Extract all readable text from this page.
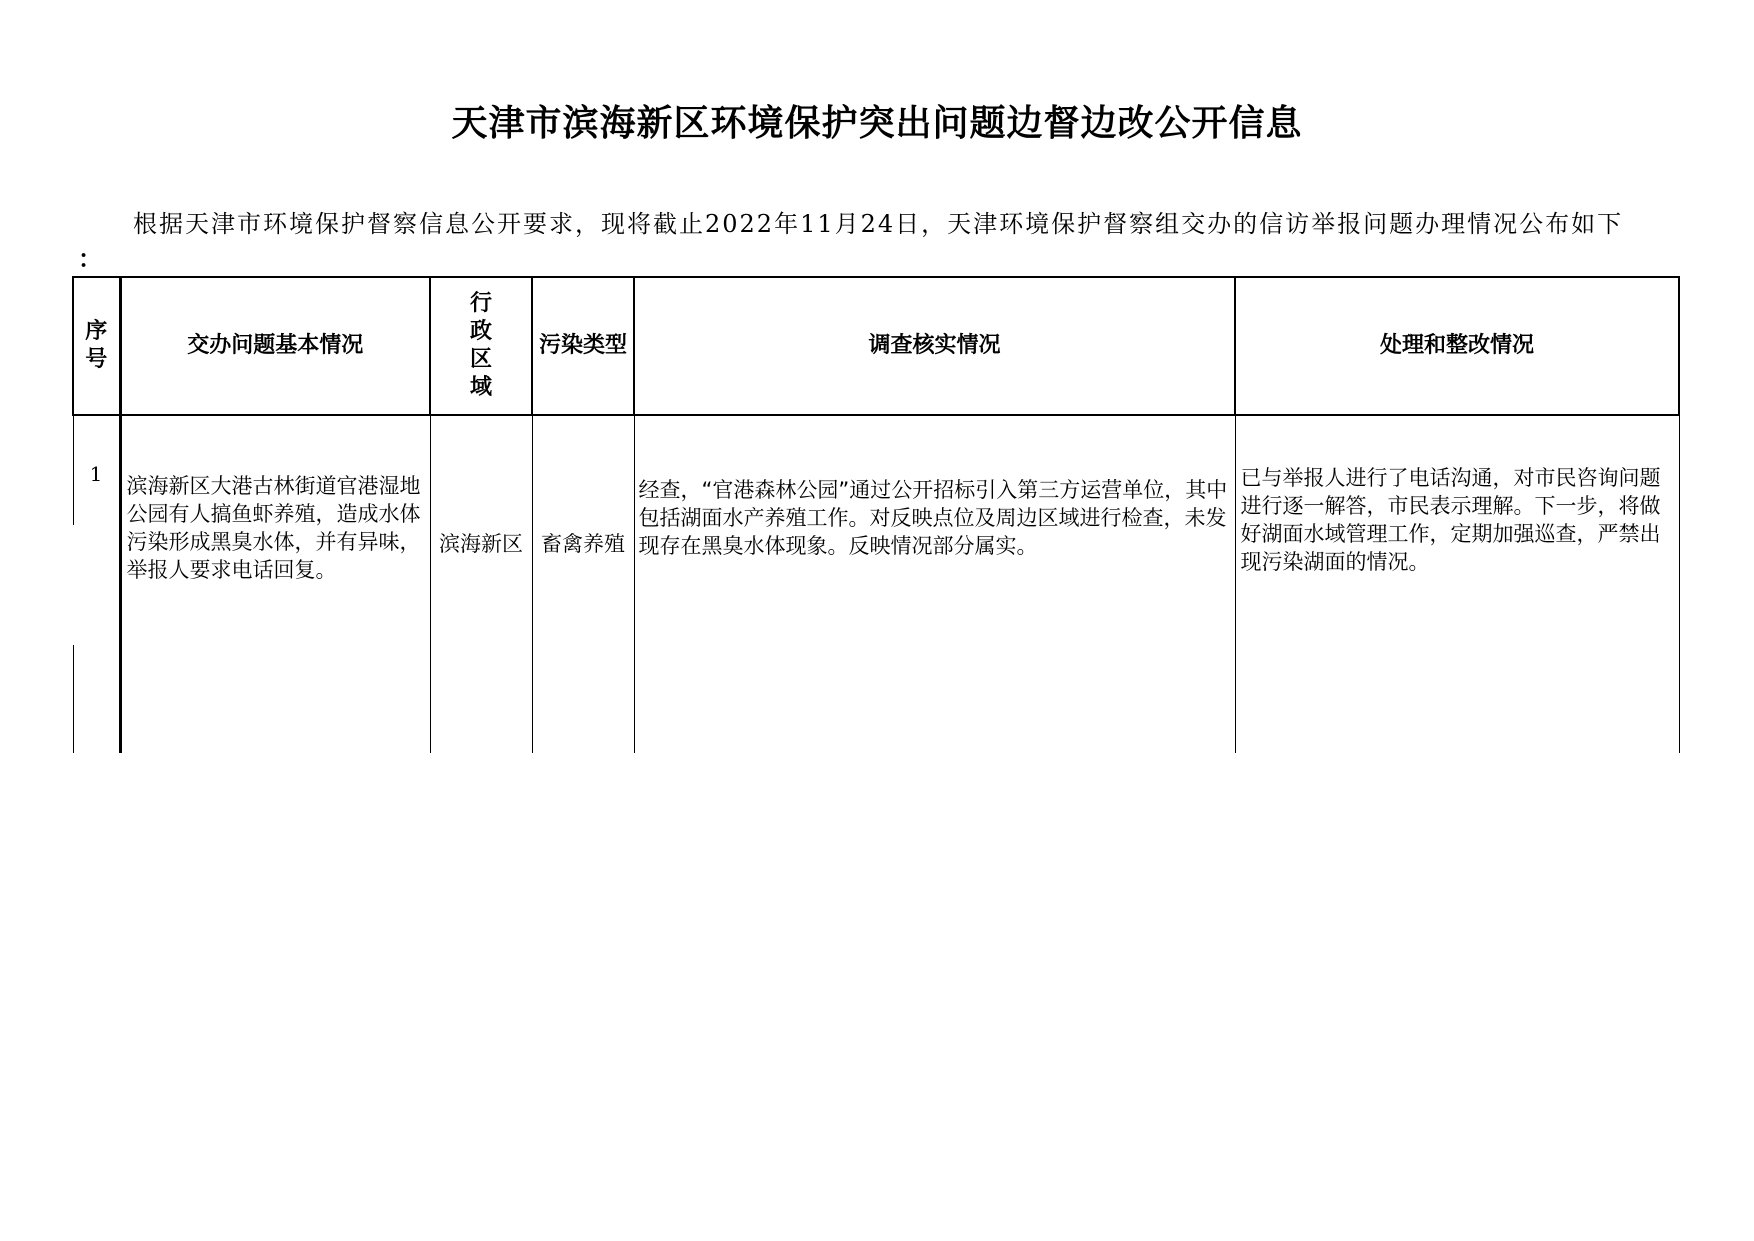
天津市滨海新区环境保护突出问题边督边改公开信息
根据天津市环境保护督察信息公开要求，现将截止2022年11月24日，天津环境保护督察组交办的信访举报问题办理情况公布如下
：
序
号	交办问题基本情况	行
政
区
域	污染类型	调查核实情况	处理和整改情况
1	滨海新区大港古林街道官港湿地公园有人搞鱼虾养殖，造成水体污染形成黑臭水体，并有异味，举报人要求电话回复。	滨海新区	畜禽养殖	经查，“官港森林公园”通过公开招标引入第三方运营单位，其中包括湖面水产养殖工作。对反映点位及周边区域进行检查，未发现存在黑臭水体现象。反映情况部分属实。	已与举报人进行了电话沟通，对市民咨询问题进行逐一解答，市民表示理解。下一步，将做好湖面水域管理工作，定期加强巡查，严禁出现污染湖面的情况。
